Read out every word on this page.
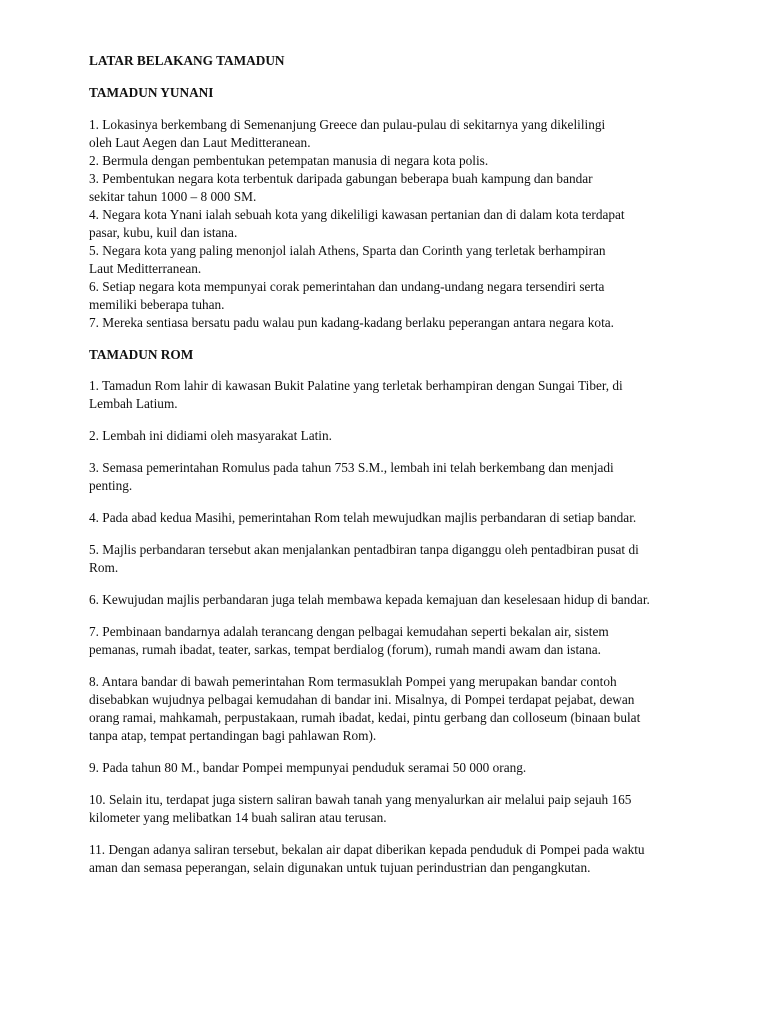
LATAR BELAKANG TAMADUN
TAMADUN YUNANI
1. Lokasinya berkembang di Semenanjung Greece dan pulau-pulau di sekitarnya yang dikelilingi
oleh Laut Aegen dan Laut Meditteranean.
2. Bermula dengan pembentukan petempatan manusia di negara kota polis.
3. Pembentukan negara kota terbentuk daripada gabungan beberapa buah kampung dan bandar
sekitar tahun 1000 – 8 000 SM.
4. Negara kota Ynani ialah sebuah kota yang dikeliligi kawasan pertanian dan di dalam kota terdapat
pasar, kubu, kuil dan istana.
5. Negara kota yang paling menonjol ialah Athens, Sparta dan Corinth yang terletak berhampiran
Laut Meditterranean.
6. Setiap negara kota mempunyai corak pemerintahan dan undang-undang negara tersendiri serta
memiliki beberapa tuhan.
7. Mereka sentiasa bersatu padu walau pun kadang-kadang berlaku peperangan antara negara kota.
TAMADUN ROM
1. Tamadun Rom lahir di kawasan Bukit Palatine yang terletak berhampiran dengan Sungai Tiber, di
Lembah Latium.
2. Lembah ini didiami oleh masyarakat Latin.
3. Semasa pemerintahan Romulus pada tahun 753 S.M., lembah ini telah berkembang dan menjadi
penting.
4. Pada abad kedua Masihi, pemerintahan Rom telah mewujudkan majlis perbandaran di setiap bandar.
5. Majlis perbandaran tersebut akan menjalankan pentadbiran tanpa diganggu oleh pentadbiran pusat di
Rom.
6. Kewujudan majlis perbandaran juga telah membawa kepada kemajuan dan keselesaan hidup di bandar.
7. Pembinaan bandarnya adalah terancang dengan pelbagai kemudahan seperti bekalan air, sistem
pemanas, rumah ibadat, teater, sarkas, tempat berdialog (forum), rumah mandi awam dan istana.
8. Antara bandar di bawah pemerintahan Rom termasuklah Pompei yang merupakan bandar contoh
disebabkan wujudnya pelbagai kemudahan di bandar ini. Misalnya, di Pompei terdapat pejabat, dewan
orang ramai, mahkamah, perpustakaan, rumah ibadat, kedai, pintu gerbang dan colloseum (binaan bulat
tanpa atap, tempat pertandingan bagi pahlawan Rom).
9. Pada tahun 80 M., bandar Pompei mempunyai penduduk seramai 50 000 orang.
10. Selain itu, terdapat juga sistern saliran bawah tanah yang menyalurkan air melalui paip sejauh 165
kilometer yang melibatkan 14 buah saliran atau terusan.
11. Dengan adanya saliran tersebut, bekalan air dapat diberikan kepada penduduk di Pompei pada waktu
aman dan semasa peperangan, selain digunakan untuk tujuan perindustrian dan pengangkutan.
